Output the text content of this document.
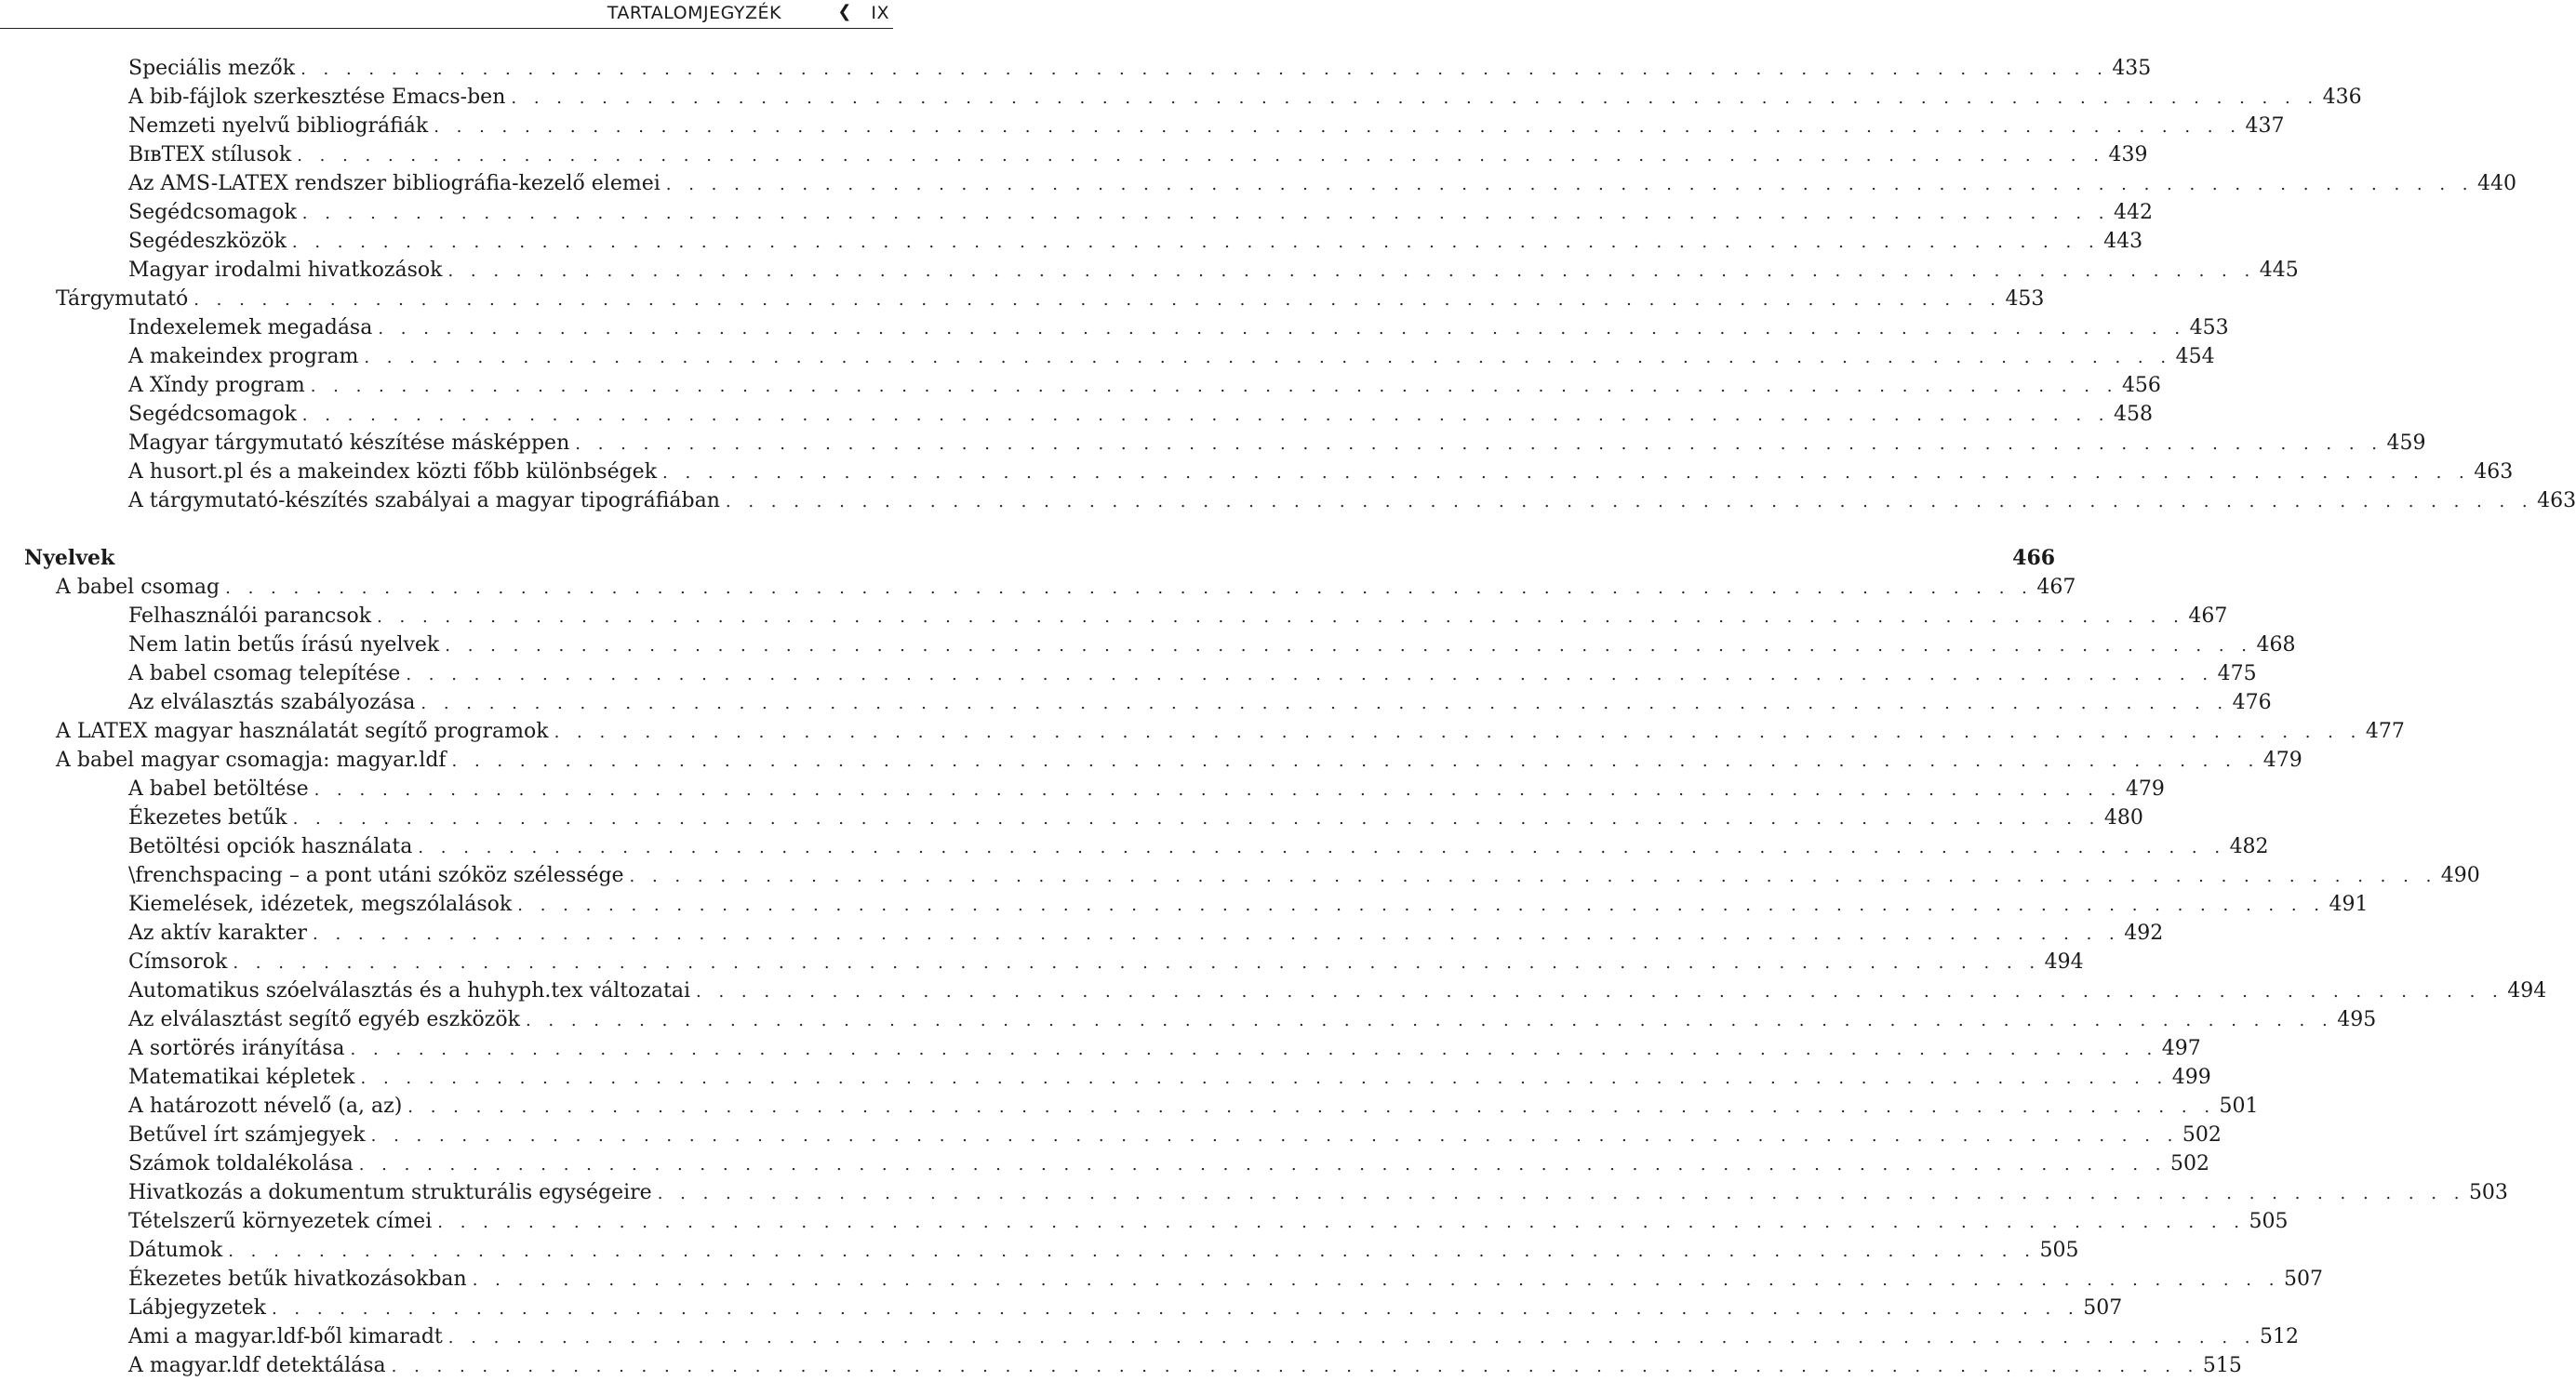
TARTALOMJEGYZÉK	❮ IX
Speciális mezők . . . . . . . . . . . . . . . . . . . . . . . . . . . . . . . . . . . . . . . . . . . . . . . . . . . . . . . . . . . . . . . . . . . . . . . . . . . . . . . . 435
A bib-fájlok szerkesztése Emacs-ben . . . . . . . . . . . . . . . . . . . . . . . . . . . . . . . . . . . . . . . . . . . . . . . . . . . . . . . . . . . . . . . . . . . . . . . . . . . . . . . . 436
Nemzeti nyelvű bibliográfiák . . . . . . . . . . . . . . . . . . . . . . . . . . . . . . . . . . . . . . . . . . . . . . . . . . . . . . . . . . . . . . . . . . . . . . . . . . . . . . . . 437
BɪʙTEX stílusok . . . . . . . . . . . . . . . . . . . . . . . . . . . . . . . . . . . . . . . . . . . . . . . . . . . . . . . . . . . . . . . . . . . . . . . . . . . . . . . . 439
Az AMS-LATEX rendszer bibliográfia-kezelő elemei . . . . . . . . . . . . . . . . . . . . . . . . . . . . . . . . . . . . . . . . . . . . . . . . . . . . . . . . . . . . . . . . . . . . . . . . . . . . . . . . 440
Segédcsomagok . . . . . . . . . . . . . . . . . . . . . . . . . . . . . . . . . . . . . . . . . . . . . . . . . . . . . . . . . . . . . . . . . . . . . . . . . . . . . . . . 442
Segédeszközök . . . . . . . . . . . . . . . . . . . . . . . . . . . . . . . . . . . . . . . . . . . . . . . . . . . . . . . . . . . . . . . . . . . . . . . . . . . . . . . . 443
Magyar irodalmi hivatkozások . . . . . . . . . . . . . . . . . . . . . . . . . . . . . . . . . . . . . . . . . . . . . . . . . . . . . . . . . . . . . . . . . . . . . . . . . . . . . . . . 445
Tárgymutató . . . . . . . . . . . . . . . . . . . . . . . . . . . . . . . . . . . . . . . . . . . . . . . . . . . . . . . . . . . . . . . . . . . . . . . . . . . . . . . . 453
Indexelemek megadása . . . . . . . . . . . . . . . . . . . . . . . . . . . . . . . . . . . . . . . . . . . . . . . . . . . . . . . . . . . . . . . . . . . . . . . . . . . . . . . . 453
A makeindex program . . . . . . . . . . . . . . . . . . . . . . . . . . . . . . . . . . . . . . . . . . . . . . . . . . . . . . . . . . . . . . . . . . . . . . . . . . . . . . . . 454
A Xǐndy program . . . . . . . . . . . . . . . . . . . . . . . . . . . . . . . . . . . . . . . . . . . . . . . . . . . . . . . . . . . . . . . . . . . . . . . . . . . . . . . . 456
Segédcsomagok . . . . . . . . . . . . . . . . . . . . . . . . . . . . . . . . . . . . . . . . . . . . . . . . . . . . . . . . . . . . . . . . . . . . . . . . . . . . . . . . 458
Magyar tárgymutató készítése másképpen . . . . . . . . . . . . . . . . . . . . . . . . . . . . . . . . . . . . . . . . . . . . . . . . . . . . . . . . . . . . . . . . . . . . . . . . . . . . . . . . 459
A husort.pl és a makeindex közti főbb különbségek . . . . . . . . . . . . . . . . . . . . . . . . . . . . . . . . . . . . . . . . . . . . . . . . . . . . . . . . . . . . . . . . . . . . . . . . . . . . . . . . 463
A tárgymutató-készítés szabályai a magyar tipográfiában . . . . . . . . . . . . . . . . . . . . . . . . . . . . . . . . . . . . . . . . . . . . . . . . . . . . . . . . . . . . . . . . . . . . . . . . . . . . . . . . 463
Nyelvek	466
A babel csomag . . . . . . . . . . . . . . . . . . . . . . . . . . . . . . . . . . . . . . . . . . . . . . . . . . . . . . . . . . . . . . . . . . . . . . . . . . . . . . . . 467
Felhasználói parancsok . . . . . . . . . . . . . . . . . . . . . . . . . . . . . . . . . . . . . . . . . . . . . . . . . . . . . . . . . . . . . . . . . . . . . . . . . . . . . . . . 467
Nem latin betűs írású nyelvek . . . . . . . . . . . . . . . . . . . . . . . . . . . . . . . . . . . . . . . . . . . . . . . . . . . . . . . . . . . . . . . . . . . . . . . . . . . . . . . . 468
A babel csomag telepítése . . . . . . . . . . . . . . . . . . . . . . . . . . . . . . . . . . . . . . . . . . . . . . . . . . . . . . . . . . . . . . . . . . . . . . . . . . . . . . . . 475
Az elválasztás szabályozása . . . . . . . . . . . . . . . . . . . . . . . . . . . . . . . . . . . . . . . . . . . . . . . . . . . . . . . . . . . . . . . . . . . . . . . . . . . . . . . . 476
A LATEX magyar használatát segítő programok . . . . . . . . . . . . . . . . . . . . . . . . . . . . . . . . . . . . . . . . . . . . . . . . . . . . . . . . . . . . . . . . . . . . . . . . . . . . . . . . 477
A babel magyar csomagja: magyar.ldf . . . . . . . . . . . . . . . . . . . . . . . . . . . . . . . . . . . . . . . . . . . . . . . . . . . . . . . . . . . . . . . . . . . . . . . . . . . . . . . . 479
A babel betöltése . . . . . . . . . . . . . . . . . . . . . . . . . . . . . . . . . . . . . . . . . . . . . . . . . . . . . . . . . . . . . . . . . . . . . . . . . . . . . . . . 479
Ékezetes betűk . . . . . . . . . . . . . . . . . . . . . . . . . . . . . . . . . . . . . . . . . . . . . . . . . . . . . . . . . . . . . . . . . . . . . . . . . . . . . . . . 480
Betöltési opciók használata . . . . . . . . . . . . . . . . . . . . . . . . . . . . . . . . . . . . . . . . . . . . . . . . . . . . . . . . . . . . . . . . . . . . . . . . . . . . . . . . 482
\frenchspacing – a pont utáni szóköz szélessége . . . . . . . . . . . . . . . . . . . . . . . . . . . . . . . . . . . . . . . . . . . . . . . . . . . . . . . . . . . . . . . . . . . . . . . . . . . . . . . . 490
Kiemelések, idézetek, megszólalások . . . . . . . . . . . . . . . . . . . . . . . . . . . . . . . . . . . . . . . . . . . . . . . . . . . . . . . . . . . . . . . . . . . . . . . . . . . . . . . . 491
Az aktív karakter . . . . . . . . . . . . . . . . . . . . . . . . . . . . . . . . . . . . . . . . . . . . . . . . . . . . . . . . . . . . . . . . . . . . . . . . . . . . . . . . 492
Címsorok . . . . . . . . . . . . . . . . . . . . . . . . . . . . . . . . . . . . . . . . . . . . . . . . . . . . . . . . . . . . . . . . . . . . . . . . . . . . . . . . 494
Automatikus szóelválasztás és a huhyph.tex változatai . . . . . . . . . . . . . . . . . . . . . . . . . . . . . . . . . . . . . . . . . . . . . . . . . . . . . . . . . . . . . . . . . . . . . . . . . . . . . . . . 494
Az elválasztást segítő egyéb eszközök . . . . . . . . . . . . . . . . . . . . . . . . . . . . . . . . . . . . . . . . . . . . . . . . . . . . . . . . . . . . . . . . . . . . . . . . . . . . . . . . 495
A sortörés irányítása . . . . . . . . . . . . . . . . . . . . . . . . . . . . . . . . . . . . . . . . . . . . . . . . . . . . . . . . . . . . . . . . . . . . . . . . . . . . . . . . 497
Matematikai képletek . . . . . . . . . . . . . . . . . . . . . . . . . . . . . . . . . . . . . . . . . . . . . . . . . . . . . . . . . . . . . . . . . . . . . . . . . . . . . . . . 499
A határozott névelő (a, az) . . . . . . . . . . . . . . . . . . . . . . . . . . . . . . . . . . . . . . . . . . . . . . . . . . . . . . . . . . . . . . . . . . . . . . . . . . . . . . . . 501
Betűvel írt számjegyek . . . . . . . . . . . . . . . . . . . . . . . . . . . . . . . . . . . . . . . . . . . . . . . . . . . . . . . . . . . . . . . . . . . . . . . . . . . . . . . . 502
Számok toldalékolása . . . . . . . . . . . . . . . . . . . . . . . . . . . . . . . . . . . . . . . . . . . . . . . . . . . . . . . . . . . . . . . . . . . . . . . . . . . . . . . . 502
Hivatkozás a dokumentum strukturális egységeire . . . . . . . . . . . . . . . . . . . . . . . . . . . . . . . . . . . . . . . . . . . . . . . . . . . . . . . . . . . . . . . . . . . . . . . . . . . . . . . . 503
Tételszerű környezetek címei . . . . . . . . . . . . . . . . . . . . . . . . . . . . . . . . . . . . . . . . . . . . . . . . . . . . . . . . . . . . . . . . . . . . . . . . . . . . . . . . 505
Dátumok . . . . . . . . . . . . . . . . . . . . . . . . . . . . . . . . . . . . . . . . . . . . . . . . . . . . . . . . . . . . . . . . . . . . . . . . . . . . . . . . 505
Ékezetes betűk hivatkozásokban . . . . . . . . . . . . . . . . . . . . . . . . . . . . . . . . . . . . . . . . . . . . . . . . . . . . . . . . . . . . . . . . . . . . . . . . . . . . . . . . 507
Lábjegyzetek . . . . . . . . . . . . . . . . . . . . . . . . . . . . . . . . . . . . . . . . . . . . . . . . . . . . . . . . . . . . . . . . . . . . . . . . . . . . . . . . 507
Ami a magyar.ldf-ből kimaradt . . . . . . . . . . . . . . . . . . . . . . . . . . . . . . . . . . . . . . . . . . . . . . . . . . . . . . . . . . . . . . . . . . . . . . . . . . . . . . . . 512
A magyar.ldf detektálása . . . . . . . . . . . . . . . . . . . . . . . . . . . . . . . . . . . . . . . . . . . . . . . . . . . . . . . . . . . . . . . . . . . . . . . . . . . . . . . . 515
